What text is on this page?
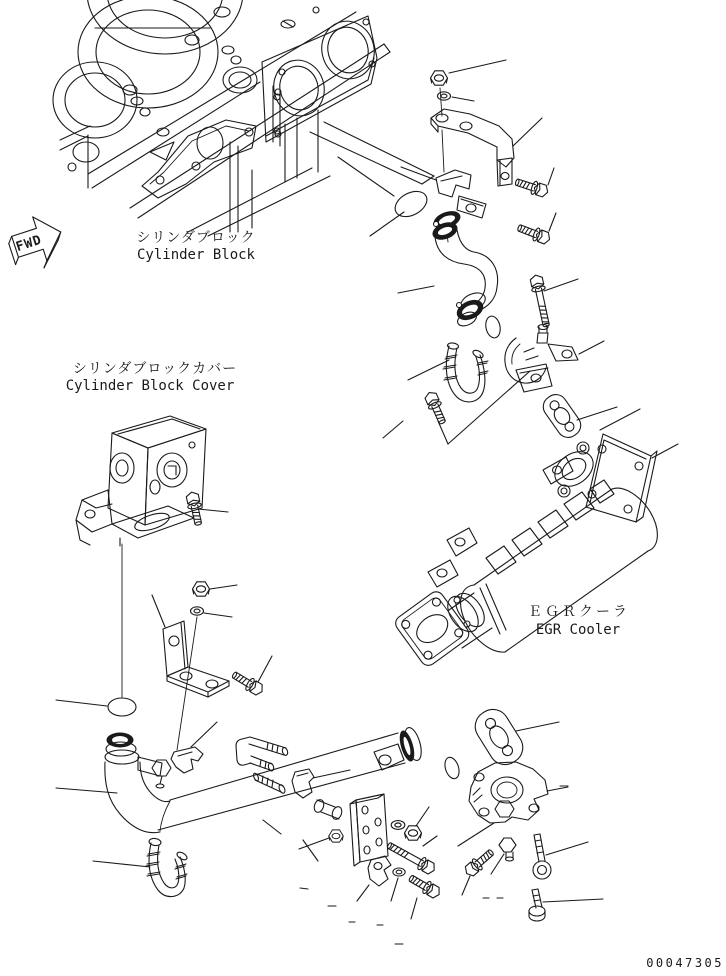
FWD	シリンダブロック
Cylinder Block
シリンダブロックカバー
Cylinder Block Cover
ＥＧＲクーラ
EGR Cooler
00047305
